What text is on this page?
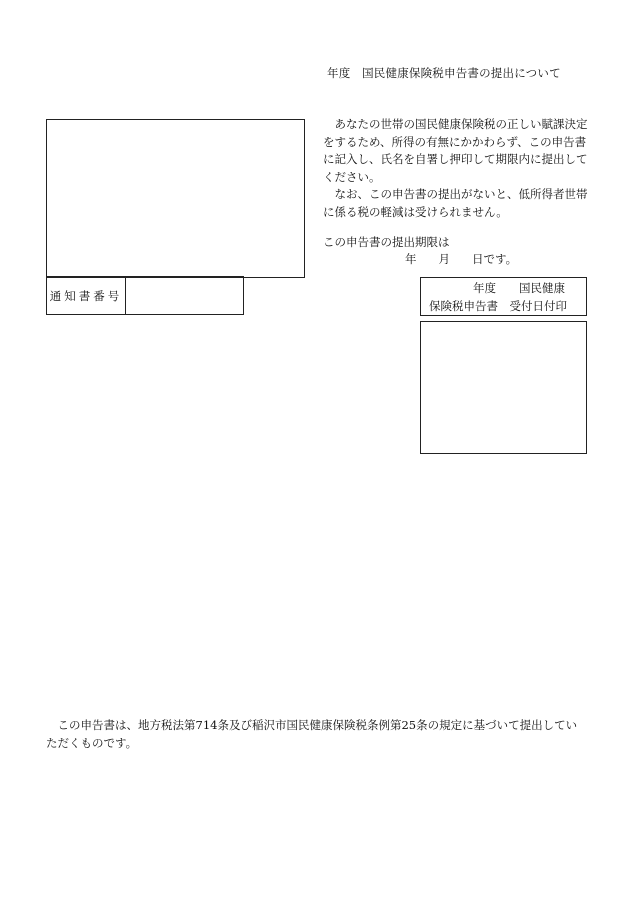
年度　国民健康保険税申告書の提出について
通知書番号

あなたの世帯の国民健康保険税の正しい賦課決定をするため、所得の有無にかかわらず、この申告書に記入し、氏名を自署し押印して期限内に提出してください。

なお、この申告書の提出がないと、低所得者世帯に係る税の軽減は受けられません。

この申告書の提出期限は
年 月 日です。
年度　　国民健康
保険税申告書　受付日付印

この申告書は、地方税法第714条及び稲沢市国民健康保険税条例第25条の規定に基づいて提出していただくものです。
